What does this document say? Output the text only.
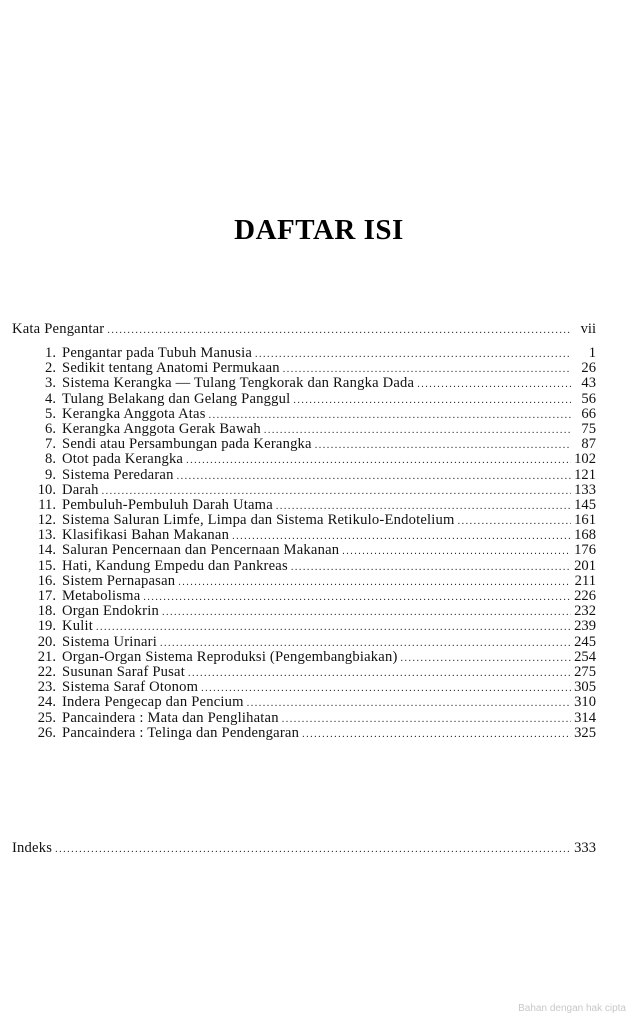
DAFTAR ISI
Kata Pengantar .....	vii
1. Pengantar pada Tubuh Manusia .....	1
2. Sedikit tentang Anatomi Permukaan .....	26
3. Sistema Kerangka — Tulang Tengkorak dan Rangka Dada .....	43
4. Tulang Belakang dan Gelang Panggul .....	56
5. Kerangka Anggota Atas .....	66
6. Kerangka Anggota Gerak Bawah .....	75
7. Sendi atau Persambungan pada Kerangka .....	87
8. Otot pada Kerangka .....	102
9. Sistema Peredaran .....	121
10. Darah .....	133
11. Pembuluh-Pembuluh Darah Utama .....	145
12. Sistema Saluran Limfe, Limpa dan Sistema Retikulo-Endotelium .....	161
13. Klasifikasi Bahan Makanan .....	168
14. Saluran Pencernaan dan Pencernaan Makanan .....	176
15. Hati, Kandung Empedu dan Pankreas .....	201
16. Sistem Pernapasan .....	211
17. Metabolisma .....	226
18. Organ Endokrin .....	232
19. Kulit .....	239
20. Sistema Urinari .....	245
21. Organ-Organ Sistema Reproduksi (Pengembangbiakan) .....	254
22. Susunan Saraf Pusat .....	275
23. Sistema Saraf Otonom .....	305
24. Indera Pengecap dan Pencium .....	310
25. Pancaindera : Mata dan Penglihatan .....	314
26. Pancaindera : Telinga dan Pendengaran .....	325
Indeks .....	333
Bahan dengan hak cipta
